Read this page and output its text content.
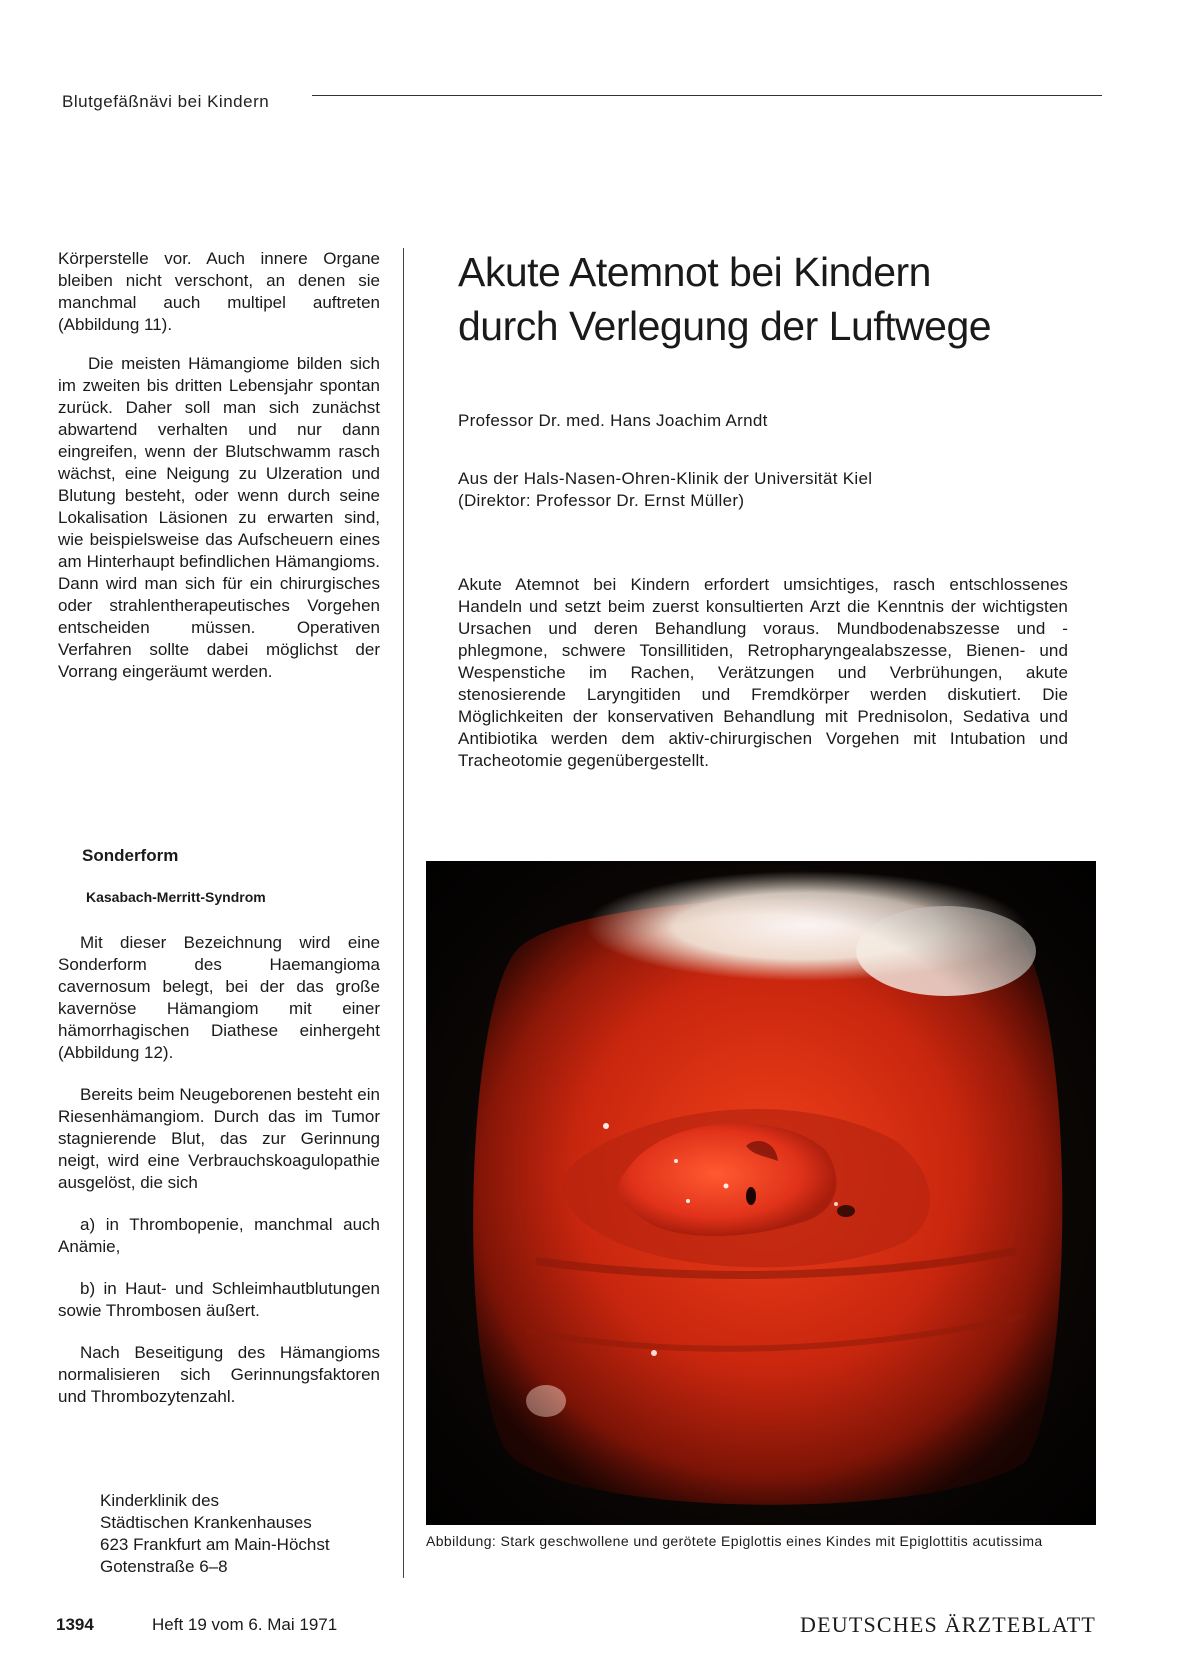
Blutgefäßnävi bei Kindern

Körperstelle vor. Auch innere Organe bleiben nicht verschont, an denen sie manchmal auch multipel auftreten (Abbildung 11).

Die meisten Hämangiome bilden sich im zweiten bis dritten Lebensjahr spontan zurück. Daher soll man sich zunächst abwartend verhalten und nur dann eingreifen, wenn der Blutschwamm rasch wächst, eine Neigung zu Ulzeration und Blutung besteht, oder wenn durch seine Lokalisation Läsionen zu erwarten sind, wie beispielsweise das Aufscheuern eines am Hinterhaupt befindlichen Hämangioms. Dann wird man sich für ein chirurgisches oder strahlentherapeutisches Vorgehen entscheiden müssen. Operativen Verfahren sollte dabei möglichst der Vorrang eingeräumt werden.

Sonderform
Kasabach-Merritt-Syndrom

Mit dieser Bezeichnung wird eine Sonderform des Haemangioma cavernosum belegt, bei der das große kavernöse Hämangiom mit einer hämorrhagischen Diathese einhergeht (Abbildung 12).

Bereits beim Neugeborenen besteht ein Riesenhämangiom. Durch das im Tumor stagnierende Blut, das zur Gerinnung neigt, wird eine Verbrauchskoagulopathie ausgelöst, die sich

a) in Thrombopenie, manchmal auch Anämie,

b) in Haut- und Schleimhautblutungen sowie Thrombosen äußert.

Nach Beseitigung des Hämangioms normalisieren sich Gerinnungsfaktoren und Thrombozytenzahl.

Kinderklinik des
Städtischen Krankenhauses
623 Frankfurt am Main-Höchst
Gotenstraße 6–8
Akute Atemnot bei Kindern
durch Verlegung der Luftwege
Professor Dr. med. Hans Joachim Arndt
Aus der Hals-Nasen-Ohren-Klinik der Universität Kiel
(Direktor: Professor Dr. Ernst Müller)
Akute Atemnot bei Kindern erfordert umsichtiges, rasch entschlossenes Handeln und setzt beim zuerst konsultierten Arzt die Kenntnis der wichtigsten Ursachen und deren Behandlung voraus. Mundbodenabszesse und -phlegmone, schwere Tonsillitiden, Retropharyngealabszesse, Bienen- und Wespenstiche im Rachen, Verätzungen und Verbrühungen, akute stenosierende Laryngitiden und Fremdkörper werden diskutiert. Die Möglichkeiten der konservativen Behandlung mit Prednisolon, Sedativa und Antibiotika werden dem aktiv-chirurgischen Vorgehen mit Intubation und Tracheotomie gegenübergestellt.
Abbildung: Stark geschwollene und gerötete Epiglottis eines Kindes mit Epiglottitis acutissima
1394	Heft 19 vom 6. Mai 1971	DEUTSCHES ÄRZTEBLATT
